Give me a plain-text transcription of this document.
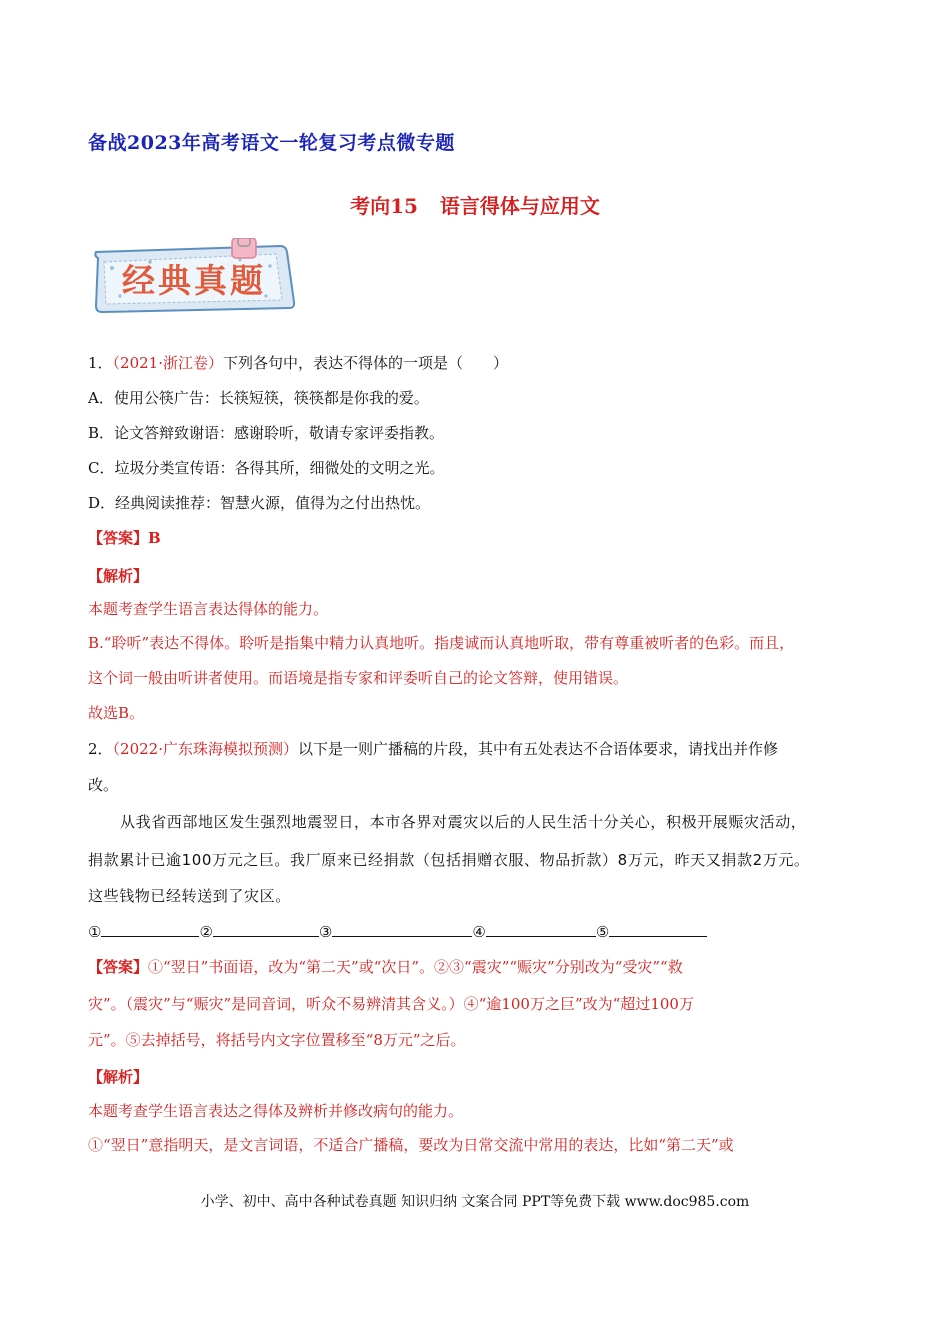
备战2023年高考语文一轮复习考点微专题
考向15 语言得体与应用文
经典真题
1．（2021·浙江卷）下列各句中，表达不得体的一项是（　　）
A．使用公筷广告：长筷短筷，筷筷都是你我的爱。
B．论文答辩致谢语：感谢聆听，敬请专家评委指教。
C．垃圾分类宣传语：各得其所，细微处的文明之光。
D．经典阅读推荐：智慧火源，值得为之付出热忱。
【答案】B
【解析】
本题考查学生语言表达得体的能力。
B.“聆听”表达不得体。聆听是指集中精力认真地听。指虔诚而认真地听取，带有尊重被听者的色彩。而且，
这个词一般由听讲者使用。而语境是指专家和评委听自己的论文答辩，使用错误。
故选B。
2．（2022·广东珠海模拟预测）以下是一则广播稿的片段，其中有五处表达不合语体要求，请找出并作修
改。
从我省西部地区发生强烈地震翌日，本市各界对震灾以后的人民生活十分关心，积极开展赈灾活动，
捐款累计已逾100万元之巨。我厂原来已经捐款（包括捐赠衣服、物品折款）8万元，昨天又捐款2万元。
这些钱物已经转送到了灾区。
①	②	③	④	⑤
【答案】①“翌日”书面语，改为“第二天”或“次日”。②③“震灾”“赈灾”分别改为“受灾”“救
灾”。（震灾”与“赈灾”是同音词，听众不易辨清其含义。）④“逾100万之巨”改为“超过100万
元”。⑤去掉括号，将括号内文字位置移至“8万元”之后。
【解析】
本题考查学生语言表达之得体及辨析并修改病句的能力。
①“翌日”意指明天，是文言词语，不适合广播稿，要改为日常交流中常用的表达，比如“第二天”或
小学、初中、高中各种试卷真题 知识归纳 文案合同 PPT等免费下载 www.doc985.com
